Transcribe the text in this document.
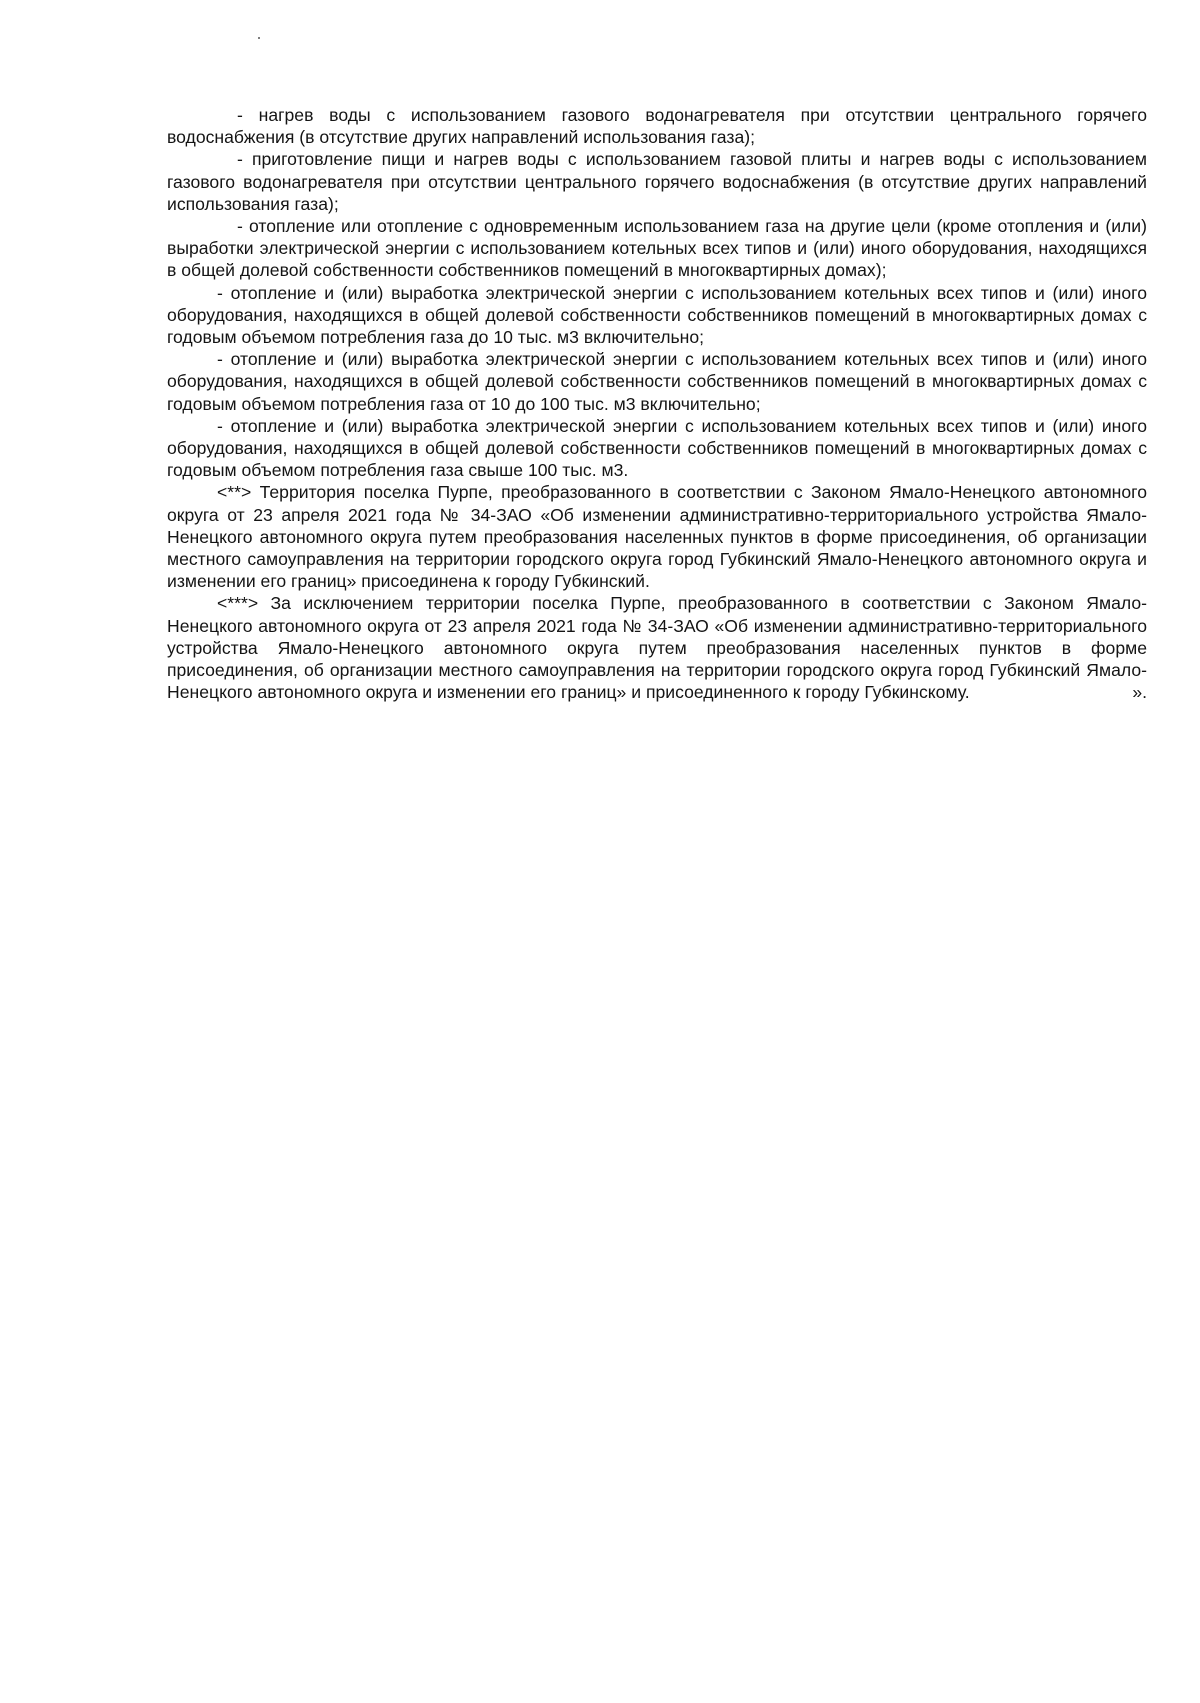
- нагрев воды с использованием газового водонагревателя при отсутствии центрального горячего водоснабжения (в отсутствие других направлений использования газа);

- приготовление пищи и нагрев воды с использованием газовой плиты и нагрев воды с использованием газового водонагревателя при отсутствии центрального горячего водоснабжения (в отсутствие других направлений использования газа);

- отопление или отопление с одновременным использованием газа на другие цели (кроме отопления и (или) выработки электрической энергии с использованием котельных всех типов и (или) иного оборудования, находящихся в общей долевой собственности собственников помещений в многоквартирных домах);

- отопление и (или) выработка электрической энергии с использованием котельных всех типов и (или) иного оборудования, находящихся в общей долевой собственности собственников помещений в многоквартирных домах с годовым объемом потребления газа до 10 тыс. м3 включительно;

- отопление и (или) выработка электрической энергии с использованием котельных всех типов и (или) иного оборудования, находящихся в общей долевой собственности собственников помещений в многоквартирных домах с годовым объемом потребления газа от 10 до 100 тыс. м3 включительно;

- отопление и (или) выработка электрической энергии с использованием котельных всех типов и (или) иного оборудования, находящихся в общей долевой собственности собственников помещений в многоквартирных домах с годовым объемом потребления газа свыше 100 тыс. м3.

<**> Территория поселка Пурпе, преобразованного в соответствии с Законом Ямало-Ненецкого автономного округа от 23 апреля 2021 года № 34-ЗАО «Об изменении административно-территориального устройства Ямало-Ненецкого автономного округа путем преобразования населенных пунктов в форме присоединения, об организации местного самоуправления на территории городского округа город Губкинский Ямало-Ненецкого автономного округа и изменении его границ» присоединена к городу Губкинский.

<***> За исключением территории поселка Пурпе, преобразованного в соответствии с Законом Ямало-Ненецкого автономного округа от 23 апреля 2021 года № 34-ЗАО «Об изменении административно-территориального устройства Ямало-Ненецкого автономного округа путем преобразования населенных пунктов в форме присоединения, об организации местного самоуправления на территории городского округа город Губкинский Ямало-Ненецкого автономного округа и изменении его границ» и присоединенного к городу Губкинскому.	».
